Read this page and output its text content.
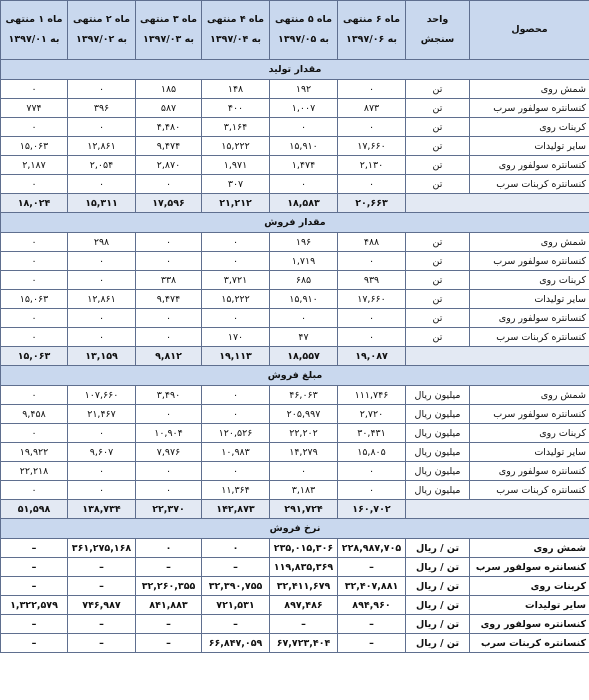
محصول	واحد سنجش	ماه ۶ منتهی به ۱۳۹۷/۰۶	ماه ۵ منتهی به ۱۳۹۷/۰۵	ماه ۴ منتهی به ۱۳۹۷/۰۴	ماه ۳ منتهی به ۱۳۹۷/۰۳	ماه ۲ منتهی به ۱۳۹۷/۰۲	ماه ۱ منتهی به ۱۳۹۷/۰۱
مقدار تولید							
شمش روی	تن	۰	۱۹۲	۱۴۸	۱۸۵	۰	۰
کنسانتره سولفور سرب	تن	۸۷۳	۱,۰۰۷	۴۰۰	۵۸۷	۳۹۶	۷۷۴
کربنات روی	تن	۰	۰	۳,۱۶۴	۴,۴۸۰	۰	۰
سایر تولیدات	تن	۱۷,۶۶۰	۱۵,۹۱۰	۱۵,۲۲۲	۹,۴۷۴	۱۲,۸۶۱	۱۵,۰۶۳
کنسانتره سولفور روی	تن	۲,۱۳۰	۱,۴۷۴	۱,۹۷۱	۲,۸۷۰	۲,۰۵۴	۲,۱۸۷
کنسانتره کربنات سرب	تن	۰	۰	۳۰۷	۰	۰	۰
		۲۰,۶۶۳	۱۸,۵۸۳	۲۱,۲۱۲	۱۷,۵۹۶	۱۵,۳۱۱	۱۸,۰۲۴
مقدار فروش							
شمش روی	تن	۴۸۸	۱۹۶	۰	۰	۲۹۸	۰
کنسانتره سولفور سرب	تن	۰	۱,۷۱۹	۰	۰	۰	۰
کربنات روی	تن	۹۳۹	۶۸۵	۳,۷۲۱	۳۳۸	۰	۰
سایر تولیدات	تن	۱۷,۶۶۰	۱۵,۹۱۰	۱۵,۲۲۲	۹,۴۷۴	۱۲,۸۶۱	۱۵,۰۶۳
کنسانتره سولفور روی	تن	۰	۰	۰	۰	۰	۰
کنسانتره کربنات سرب	تن	۰	۴۷	۱۷۰	۰	۰	۰
		۱۹,۰۸۷	۱۸,۵۵۷	۱۹,۱۱۳	۹,۸۱۲	۱۳,۱۵۹	۱۵,۰۶۳
مبلغ فروش							
شمش روی	میلیون ریال	۱۱۱,۷۴۶	۴۶,۰۶۳	۰	۳,۴۹۰	۱۰۷,۶۶۰	۰
کنسانتره سولفور سرب	میلیون ریال	۲,۷۲۰	۲۰۵,۹۹۷	۰	۰	۲۱,۴۶۷	۹,۴۵۸
کربنات روی	میلیون ریال	۳۰,۴۳۱	۲۲,۲۰۲	۱۲۰,۵۲۶	۱۰,۹۰۴	۰	۰
سایر تولیدات	میلیون ریال	۱۵,۸۰۵	۱۴,۲۷۹	۱۰,۹۸۳	۷,۹۷۶	۹,۶۰۷	۱۹,۹۲۲
کنسانتره سولفور روی	میلیون ریال	۰	۰	۰	۰	۰	۲۲,۲۱۸
کنسانتره کربنات سرب	میلیون ریال	۰	۳,۱۸۳	۱۱,۳۶۴	۰	۰	۰
		۱۶۰,۷۰۲	۲۹۱,۷۲۴	۱۴۲,۸۷۳	۲۲,۳۷۰	۱۳۸,۷۳۴	۵۱,۵۹۸
نرخ فروش							
شمش روی	تن / ریال	۲۲۸,۹۸۷,۷۰۵	۲۳۵,۰۱۵,۳۰۶	۰	۰	۳۶۱,۲۷۵,۱۶۸	–
کنسانتره سولفور سرب	تن / ریال	–	۱۱۹,۸۳۵,۳۶۹	–	–	–	–
کربنات روی	تن / ریال	۳۲,۴۰۷,۸۸۱	۳۲,۴۱۱,۶۷۹	۳۲,۳۹۰,۷۵۵	۳۲,۲۶۰,۳۵۵	–	–
سایر تولیدات	تن / ریال	۸۹۴,۹۶۰	۸۹۷,۴۸۶	۷۲۱,۵۳۱	۸۴۱,۸۸۳	۷۴۶,۹۸۷	۱,۳۲۲,۵۷۹
کنسانتره سولفور روی	تن / ریال	–	–	–	–	–	–
کنسانتره کربنات سرب	تن / ریال	–	۶۷,۷۲۳,۴۰۴	۶۶,۸۴۷,۰۵۹	–	–	–
